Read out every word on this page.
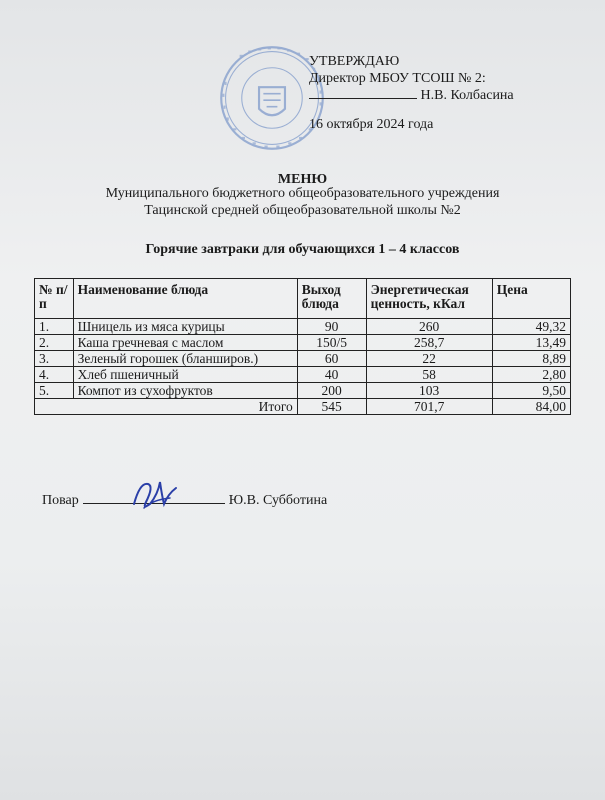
УТВЕРЖДАЮ
Директор МБОУ ТСОШ № 2:
Н.В. Колбасина
16 октября 2024 года
МЕНЮ
Муниципального бюджетного общеобразовательного учреждения
Тацинской средней общеобразовательной школы №2
Горячие завтраки для обучающихся 1 – 4 классов
№ п/п	Наименование блюда	Выход блюда	Энергетическая ценность, кКал	Цена
1.	Шницель из мяса курицы	90	260	49,32
2.	Каша гречневая с маслом	150/5	258,7	13,49
3.	Зеленый горошек (бланширов.)	60	22	8,89
4.	Хлеб пшеничный	40	58	2,80
5.	Компот из сухофруктов	200	103	9,50
Итого		545	701,7	84,00
Повар	Ю.В. Субботина
